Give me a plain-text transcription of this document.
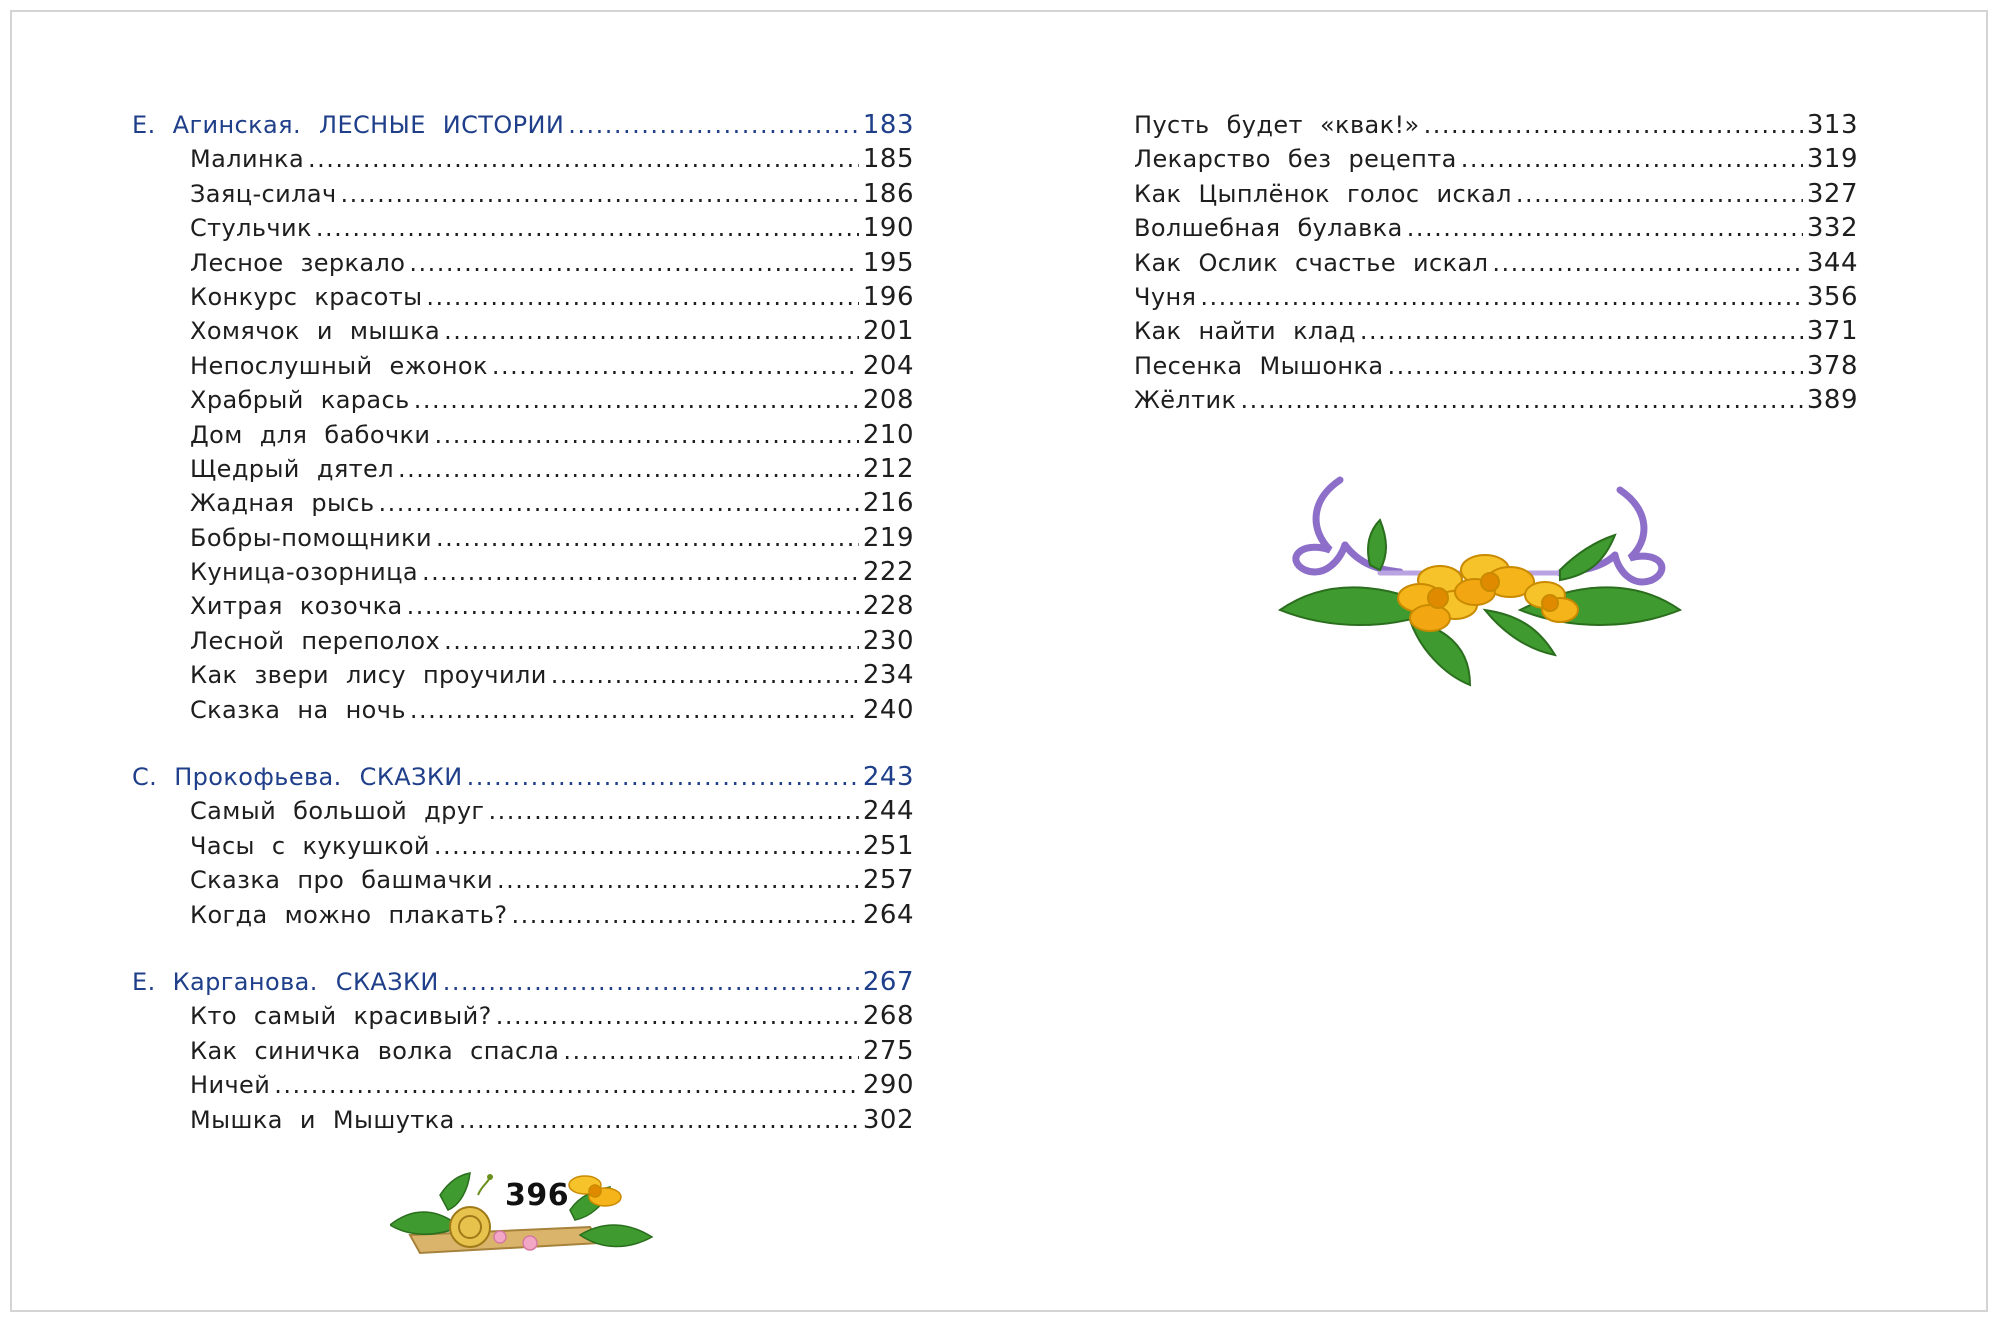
Е. Агинская. ЛЕСНЫЕ ИСТОРИИ .....	183
Малинка .....	185
Заяц-силач .....	186
Стульчик .....	190
Лесное зеркало .....	195
Конкурс красоты .....	196
Хомячок и мышка .....	201
Непослушный ежонок .....	204
Храбрый карась .....	208
Дом для бабочки .....	210
Щедрый дятел .....	212
Жадная рысь .....	216
Бобры-помощники .....	219
Куница-озорница .....	222
Хитрая козочка .....	228
Лесной переполох .....	230
Как звери лису проучили .....	234
Сказка на ночь .....	240
С. Прокофьева. СКАЗКИ .....	243
Самый большой друг .....	244
Часы с кукушкой .....	251
Сказка про башмачки .....	257
Когда можно плакать? .....	264
Е. Карганова. СКАЗКИ .....	267
Кто самый красивый? .....	268
Как синичка волка спасла .....	275
Ничей .....	290
Мышка и Мышутка .....	302
Пусть будет «квак!» .....	313
Лекарство без рецепта .....	319
Как Цыплёнок голос искал .....	327
Волшебная булавка .....	332
Как Ослик счастье искал .....	344
Чуня .....	356
Как найти клад .....	371
Песенка Мышонка .....	378
Жёлтик .....	389
396
